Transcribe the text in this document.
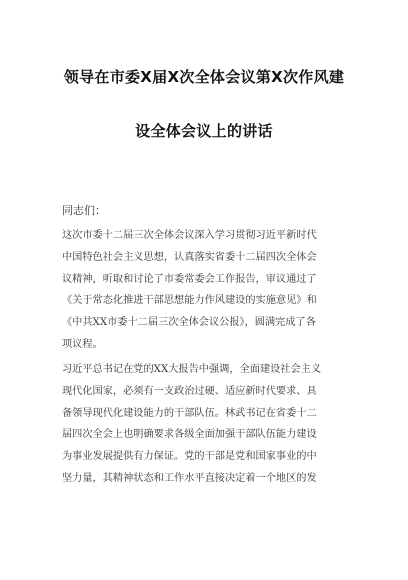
领导在市委X届X次全体会议第X次作风建
设全体会议上的讲话
同志们：
这次市委十二届三次全体会议深入学习贯彻习近平新时代
中国特色社会主义思想，认真落实省委十二届四次全体会
议精神，听取和讨论了市委常委会工作报告，审议通过了
《关于常态化推进干部思想能力作风建设的实施意见》和
《中共XX市委十二届三次全体会议公报》，圆满完成了各
项议程。
习近平总书记在党的XX大报告中强调，全面建设社会主义
现代化国家，必须有一支政治过硬、适应新时代要求、具
备领导现代化建设能力的干部队伍。林武书记在省委十二
届四次全会上也明确要求各级全面加强干部队伍能力建设
为事业发展提供有力保证。党的干部是党和国家事业的中
坚力量，其精神状态和工作水平直接决定着一个地区的发
